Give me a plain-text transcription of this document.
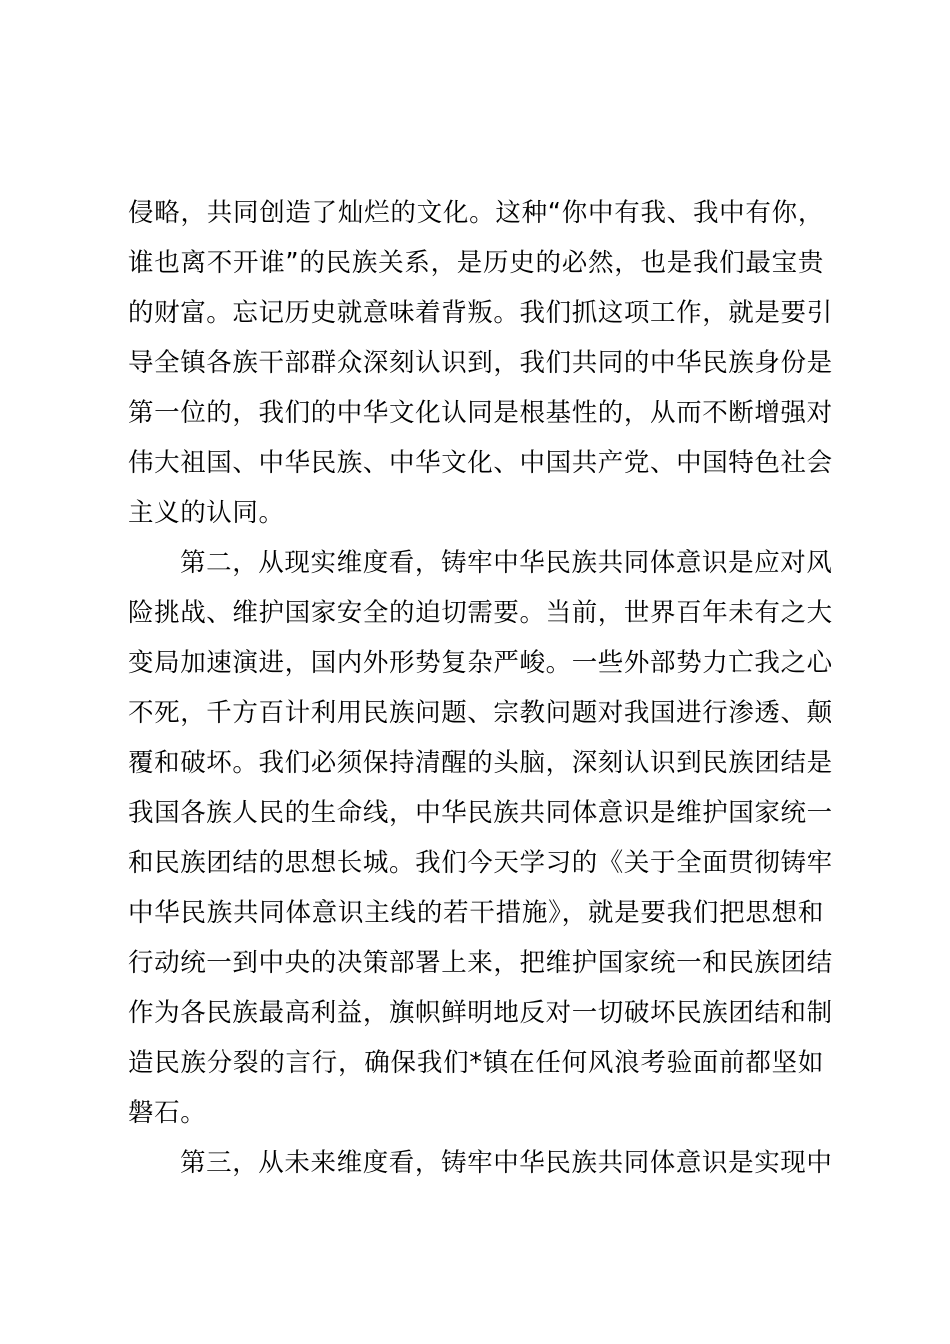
侵略，共同创造了灿烂的文化。这种“你中有我、我中有你，
谁也离不开谁”的民族关系，是历史的必然，也是我们最宝贵
的财富。忘记历史就意味着背叛。我们抓这项工作，就是要引
导全镇各族干部群众深刻认识到，我们共同的中华民族身份是
第一位的，我们的中华文化认同是根基性的，从而不断增强对
伟大祖国、中华民族、中华文化、中国共产党、中国特色社会
主义的认同。
第二，从现实维度看，铸牢中华民族共同体意识是应对风
险挑战、维护国家安全的迫切需要。当前，世界百年未有之大
变局加速演进，国内外形势复杂严峻。一些外部势力亡我之心
不死，千方百计利用民族问题、宗教问题对我国进行渗透、颠
覆和破坏。我们必须保持清醒的头脑，深刻认识到民族团结是
我国各族人民的生命线，中华民族共同体意识是维护国家统一
和民族团结的思想长城。我们今天学习的《关于全面贯彻铸牢
中华民族共同体意识主线的若干措施》，就是要我们把思想和
行动统一到中央的决策部署上来，把维护国家统一和民族团结
作为各民族最高利益，旗帜鲜明地反对一切破坏民族团结和制
造民族分裂的言行，确保我们*镇在任何风浪考验面前都坚如
磐石。
第三，从未来维度看，铸牢中华民族共同体意识是实现中
